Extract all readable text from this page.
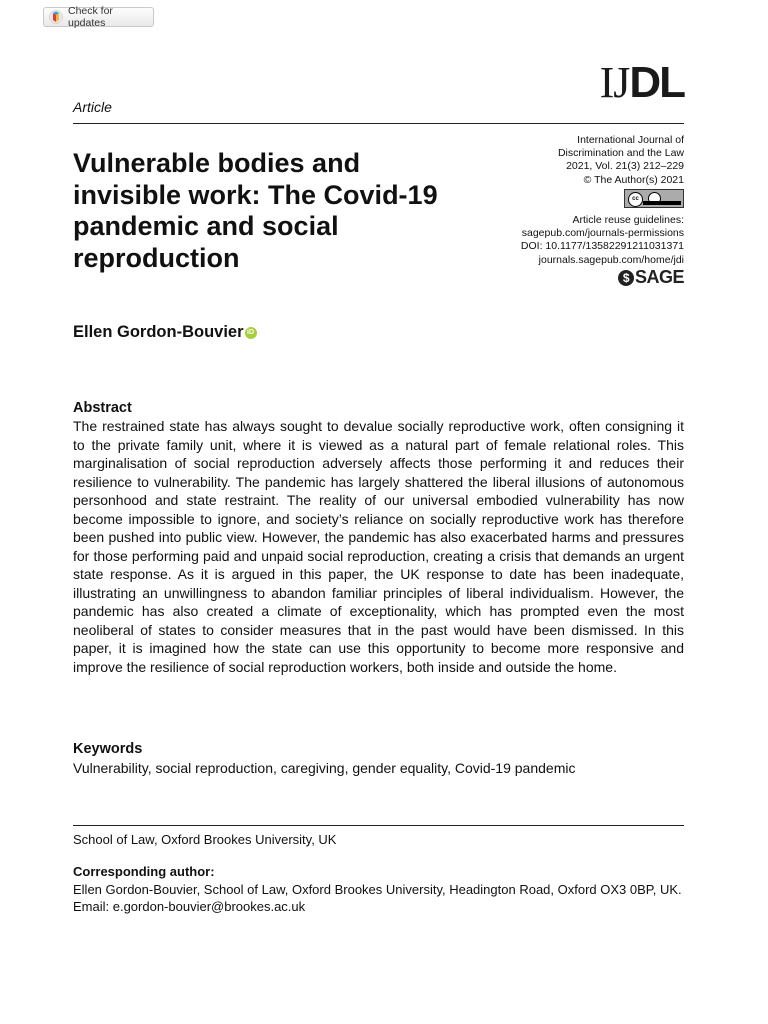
Check for updates
IJDL
Article
Vulnerable bodies and invisible work: The Covid-19 pandemic and social reproduction
International Journal of
Discrimination and the Law
2021, Vol. 21(3) 212–229
© The Author(s) 2021
cc
Article reuse guidelines:
sagepub.com/journals-permissions
DOI: 10.1177/13582291211031371
journals.sagepub.com/home/jdi
$ SAGE
Ellen Gordon-Bouvier iD
Abstract

The restrained state has always sought to devalue socially reproductive work, often consigning it to the private family unit, where it is viewed as a natural part of female relational roles. This marginalisation of social reproduction adversely affects those performing it and reduces their resilience to vulnerability. The pandemic has largely shattered the liberal illusions of autonomous personhood and state restraint. The reality of our universal embodied vulnerability has now become impossible to ignore, and society’s reliance on socially reproductive work has therefore been pushed into public view. However, the pandemic has also exacerbated harms and pressures for those performing paid and unpaid social reproduction, creating a crisis that demands an urgent state response. As it is argued in this paper, the UK response to date has been inadequate, illustrating an unwillingness to abandon familiar principles of liberal individualism. However, the pandemic has also created a climate of exceptionality, which has prompted even the most neoliberal of states to consider measures that in the past would have been dismissed. In this paper, it is imagined how the state can use this opportunity to become more responsive and improve the resilience of social reproduction workers, both inside and outside the home.

Keywords
Vulnerability, social reproduction, caregiving, gender equality, Covid-19 pandemic
School of Law, Oxford Brookes University, UK
Corresponding author:
Ellen Gordon-Bouvier, School of Law, Oxford Brookes University, Headington Road, Oxford OX3 0BP, UK.
Email: e.gordon-bouvier@brookes.ac.uk
